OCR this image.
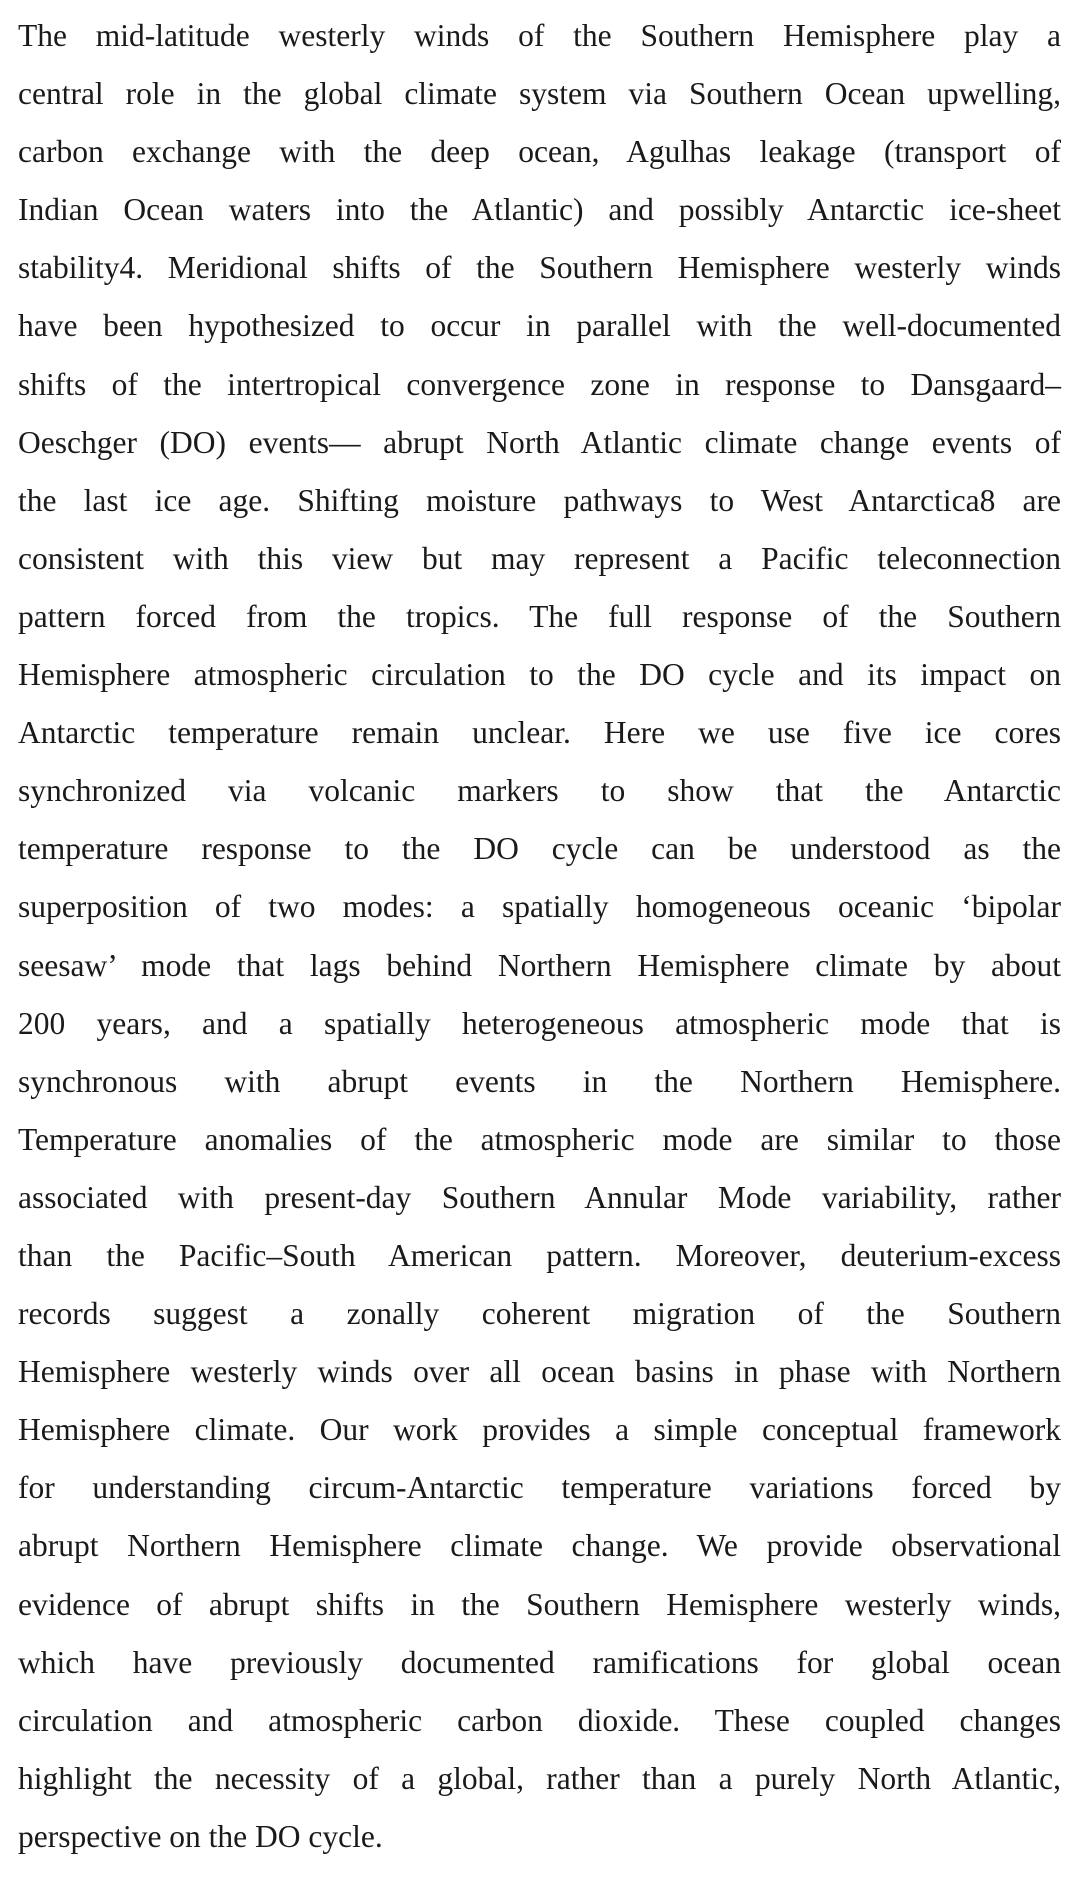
The mid-latitude westerly winds of the Southern Hemisphere play a
central role in the global climate system via Southern Ocean upwelling,
carbon exchange with the deep ocean, Agulhas leakage (transport of
Indian Ocean waters into the Atlantic) and possibly Antarctic ice-sheet
stability4. Meridional shifts of the Southern Hemisphere westerly winds
have been hypothesized to occur in parallel with the well-documented
shifts of the intertropical convergence zone in response to Dansgaard–
Oeschger (DO) events— abrupt North Atlantic climate change events of
the last ice age. Shifting moisture pathways to West Antarctica8 are
consistent with this view but may represent a Pacific teleconnection
pattern forced from the tropics. The full response of the Southern
Hemisphere atmospheric circulation to the DO cycle and its impact on
Antarctic temperature remain unclear. Here we use five ice cores
synchronized via volcanic markers to show that the Antarctic
temperature response to the DO cycle can be understood as the
superposition of two modes: a spatially homogeneous oceanic ‘bipolar
seesaw’ mode that lags behind Northern Hemisphere climate by about
200 years, and a spatially heterogeneous atmospheric mode that is
synchronous with abrupt events in the Northern Hemisphere.
Temperature anomalies of the atmospheric mode are similar to those
associated with present-day Southern Annular Mode variability, rather
than the Pacific–South American pattern. Moreover, deuterium-excess
records suggest a zonally coherent migration of the Southern
Hemisphere westerly winds over all ocean basins in phase with Northern
Hemisphere climate. Our work provides a simple conceptual framework
for understanding circum-Antarctic temperature variations forced by
abrupt Northern Hemisphere climate change. We provide observational
evidence of abrupt shifts in the Southern Hemisphere westerly winds,
which have previously documented ramifications for global ocean
circulation and atmospheric carbon dioxide. These coupled changes
highlight the necessity of a global, rather than a purely North Atlantic,
perspective on the DO cycle.
